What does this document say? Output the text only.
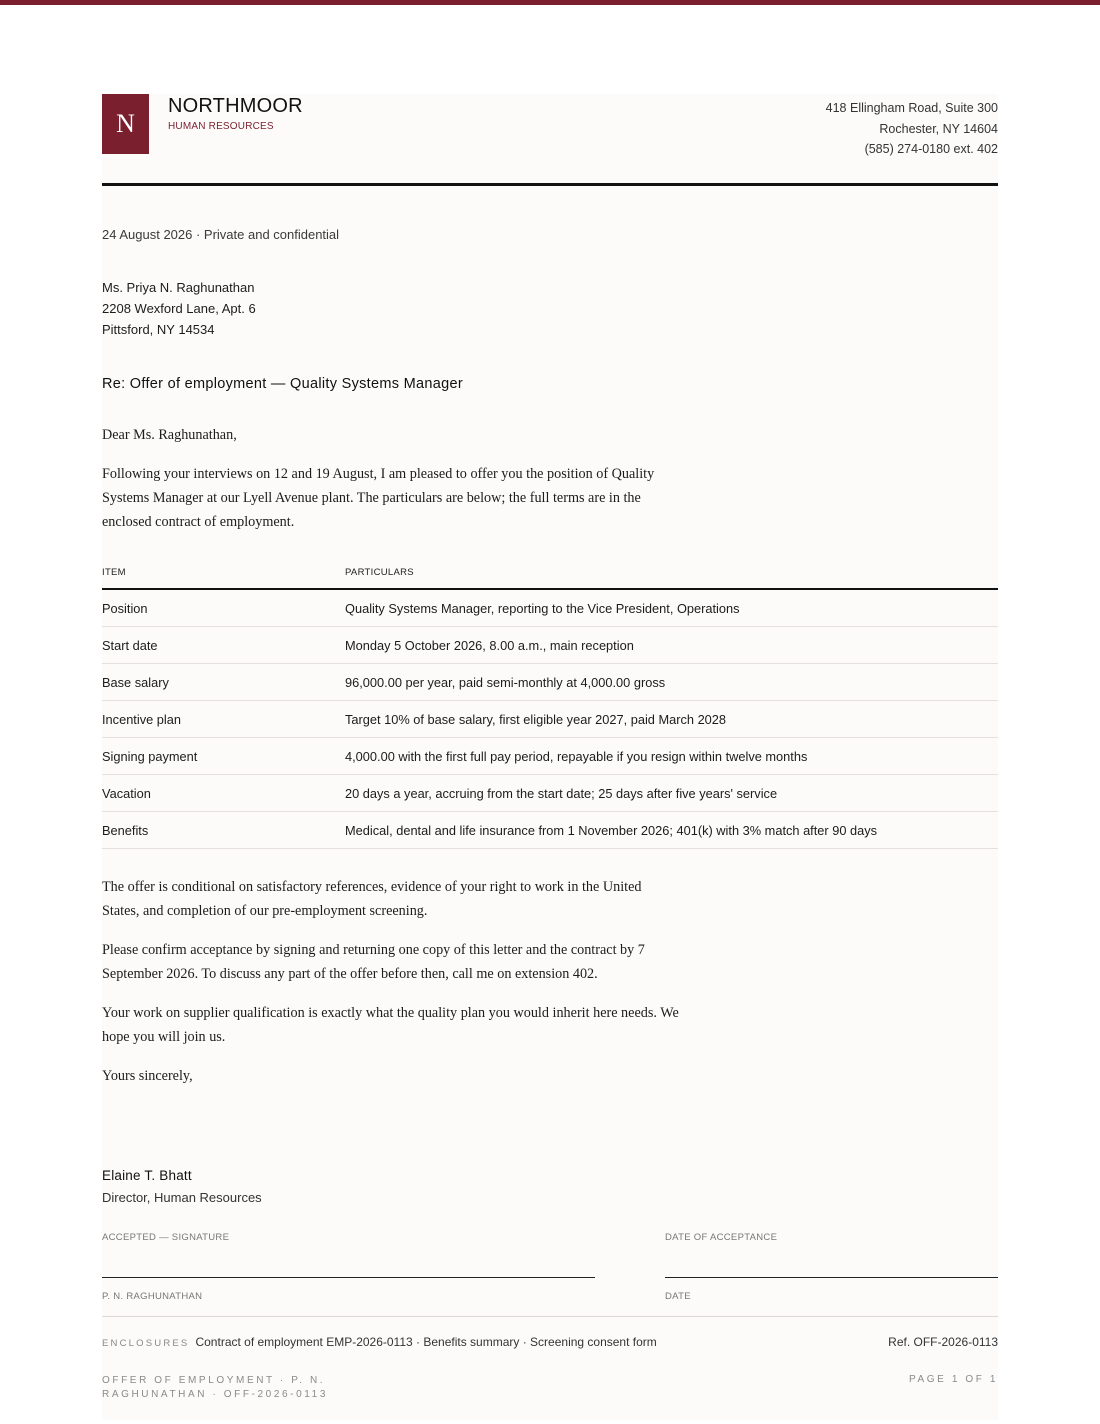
N
NORTHMOOR
HUMAN RESOURCES
418 Ellingham Road, Suite 300
Rochester, NY 14604
(585) 274-0180 ext. 402
24 August 2026 · Private and confidential
Ms. Priya N. Raghunathan
2208 Wexford Lane, Apt. 6
Pittsford, NY 14534
Re: Offer of employment — Quality Systems Manager
Dear Ms. Raghunathan,
Following your interviews on 12 and 19 August, I am pleased to offer you the position of Quality Systems Manager at our Lyell Avenue plant. The particulars are below; the full terms are in the enclosed contract of employment.
ITEM	PARTICULARS
Position	Quality Systems Manager, reporting to the Vice President, Operations
Start date	Monday 5 October 2026, 8.00 a.m., main reception
Base salary	96,000.00 per year, paid semi-monthly at 4,000.00 gross
Incentive plan	Target 10% of base salary, first eligible year 2027, paid March 2028
Signing payment	4,000.00 with the first full pay period, repayable if you resign within twelve months
Vacation	20 days a year, accruing from the start date; 25 days after five years' service
Benefits	Medical, dental and life insurance from 1 November 2026; 401(k) with 3% match after 90 days
The offer is conditional on satisfactory references, evidence of your right to work in the United States, and completion of our pre-employment screening.
Please confirm acceptance by signing and returning one copy of this letter and the contract by 7 September 2026. To discuss any part of the offer before then, call me on extension 402.
Your work on supplier qualification is exactly what the quality plan you would inherit here needs. We hope you will join us.
Yours sincerely,
Elaine T. Bhatt
Director, Human Resources
ACCEPTED — SIGNATURE	DATE OF ACCEPTANCE
P. N. RAGHUNATHAN	DATE
ENCLOSURES Contract of employment EMP-2026-0113 · Benefits summary · Screening consent form	Ref. OFF-2026-0113
OFFER OF EMPLOYMENT · P. N. RAGHUNATHAN · OFF-2026-0113
PAGE 1 OF 1
